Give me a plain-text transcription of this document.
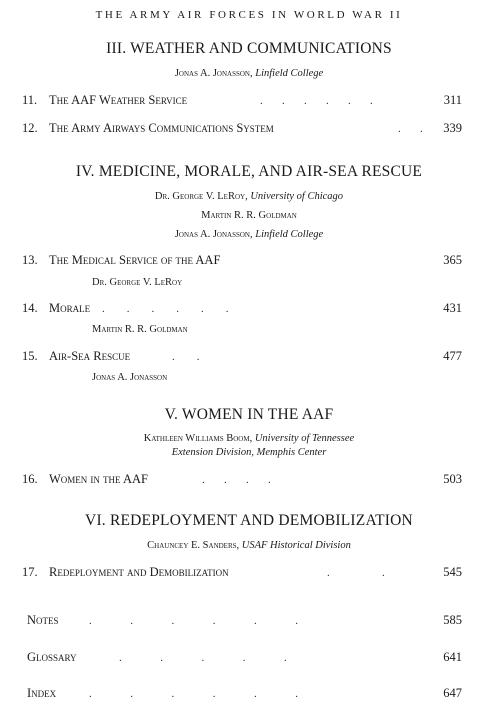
THE ARMY AIR FORCES IN WORLD WAR II
III. WEATHER AND COMMUNICATIONS
Jonas A. Jonasson, Linfield College
11. The AAF Weather Service	.       .       .       .       .       .	311
12. The Army Airways Communications System	.       .	339
IV. MEDICINE, MORALE, AND AIR-SEA RESCUE
Dr. George V. LeRoy, University of Chicago
Martin R. R. Goldman
Jonas A. Jonasson, Linfield College
13. The Medical Service of the AAF	365
Dr. George V. LeRoy
14. Morale .        .        .        .        .        .	431
Martin R. R. Goldman
15. Air-Sea Rescue	.        .	477
Jonas A. Jonasson
V. WOMEN IN THE AAF
Kathleen Williams Boom, University of Tennessee
Extension Division, Memphis Center
16. Women in the AAF	.       .       .       .	503
VI. REDEPLOYMENT AND DEMOBILIZATION
Chauncey E. Sanders, USAF Historical Division
17. Redeployment and Demobilization	.                   .	545
Notes	.              .              .              .              .              .	585
Glossary	.              .              .              .              .	641
Index	.              .              .              .              .              .	647
